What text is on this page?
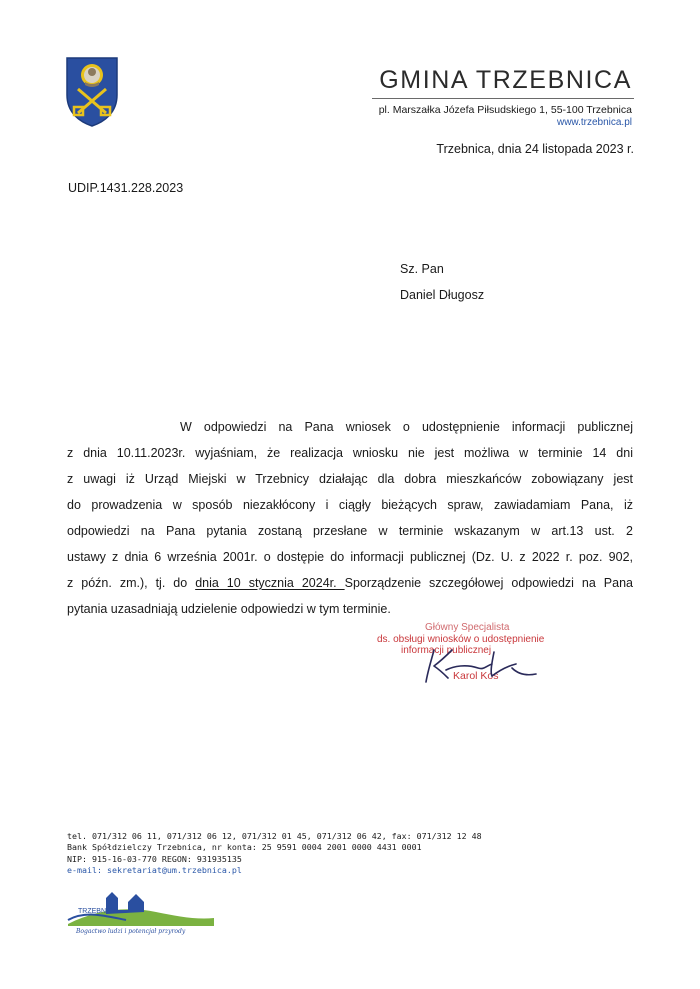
GMINA TRZEBNICA
pl. Marszałka Józefa Piłsudskiego 1, 55-100 Trzebnica
www.trzebnica.pl
Trzebnica, dnia 24 listopada 2023 r.
UDIP.1431.228.2023
Sz. Pan
Daniel Długosz
W odpowiedzi na Pana wniosek o udostępnienie informacji publicznej
z dnia 10.11.2023r. wyjaśniam, że realizacja wniosku nie jest możliwa w terminie 14 dni
z uwagi iż Urząd Miejski w Trzebnicy działając dla dobra mieszkańców zobowiązany jest
do prowadzenia w sposób niezakłócony i ciągły bieżących spraw, zawiadamiam Pana, iż
odpowiedzi na Pana pytania zostaną przesłane w terminie wskazanym w art.13 ust. 2
ustawy z dnia 6 września 2001r. o dostępie do informacji publicznej (Dz. U. z 2022 r. poz. 902,
z późn. zm.), tj. do dnia 10 stycznia 2024r. Sporządzenie szczegółowej odpowiedzi na Pana
pytania uzasadniają udzielenie odpowiedzi w tym terminie.
Główny Specjalista
ds. obsługi wniosków o udostępnienie
informacji publicznej
Karol Kos
tel. 071/312 06 11, 071/312 06 12, 071/312 01 45, 071/312 06 42, fax: 071/312 12 48
Bank Spółdzielczy Trzebnica, nr konta: 25 9591 0004 2001 0000 4431 0001
NIP: 915-16-03-770 REGON: 931935135
e-mail: sekretariat@um.trzebnica.pl
TRZEBNICA
Bogactwo ludzi i potencjał przyrody
